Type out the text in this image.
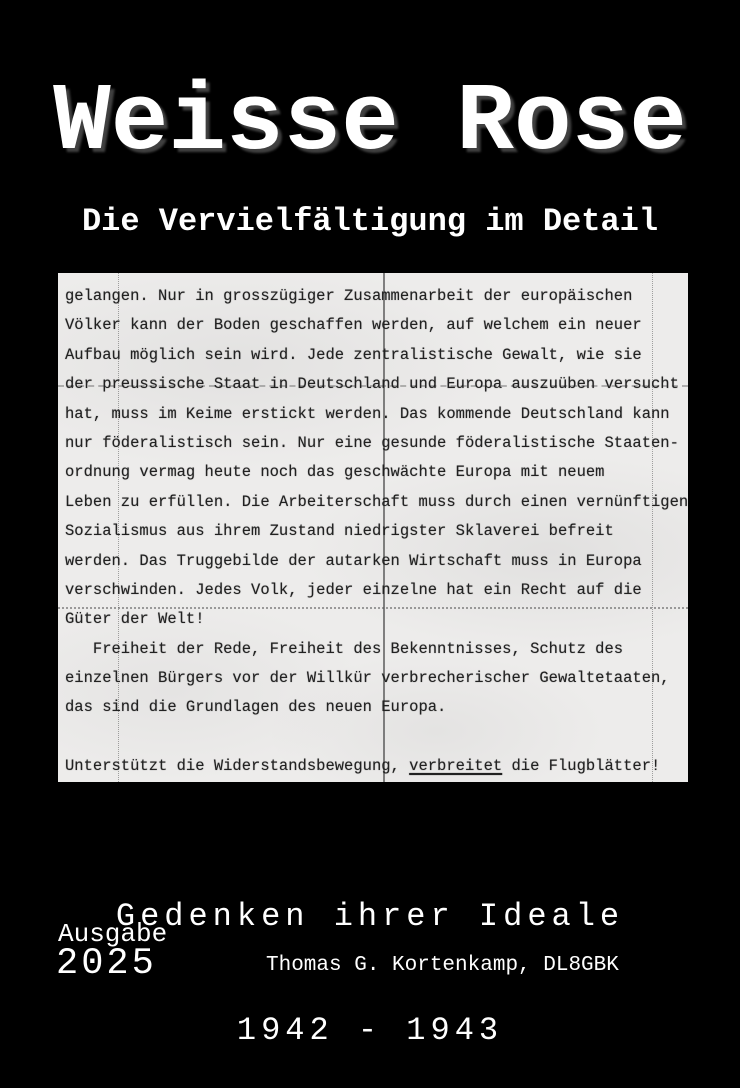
Weisse Rose
Die Vervielfältigung im Detail
gelangen. Nur in grosszügiger Zusammenarbeit der europäischen
Völker kann der Boden geschaffen werden, auf welchem ein neuer
Aufbau möglich sein wird. Jede zentralistische Gewalt, wie sie
der preussische Staat in Deutschland und Europa auszuüben versucht
hat, muss im Keime erstickt werden. Das kommende Deutschland kann
nur föderalistisch sein. Nur eine gesunde föderalistische Staaten-
ordnung vermag heute noch das geschwächte Europa mit neuem
Leben zu erfüllen. Die Arbeiterschaft muss durch einen vernünftigen
Sozialismus aus ihrem Zustand niedrigster Sklaverei befreit
werden. Das Truggebilde der autarken Wirtschaft muss in Europa
verschwinden. Jedes Volk, jeder einzelne hat ein Recht auf die
Güter der Welt!
Freiheit der Rede, Freiheit des Bekenntnisses, Schutz des
einzelnen Bürgers vor der Willkür verbrecherischer Gewaltetaaten,
das sind die Grundlagen des neuen Europa.
Unterstützt die Widerstandsbewegung, verbreitet die Flugblätter!

Gedenken ihrer Ideale

1942 - 1943

Ausgabe
2025	Thomas G. Kortenkamp, DL8GBK
